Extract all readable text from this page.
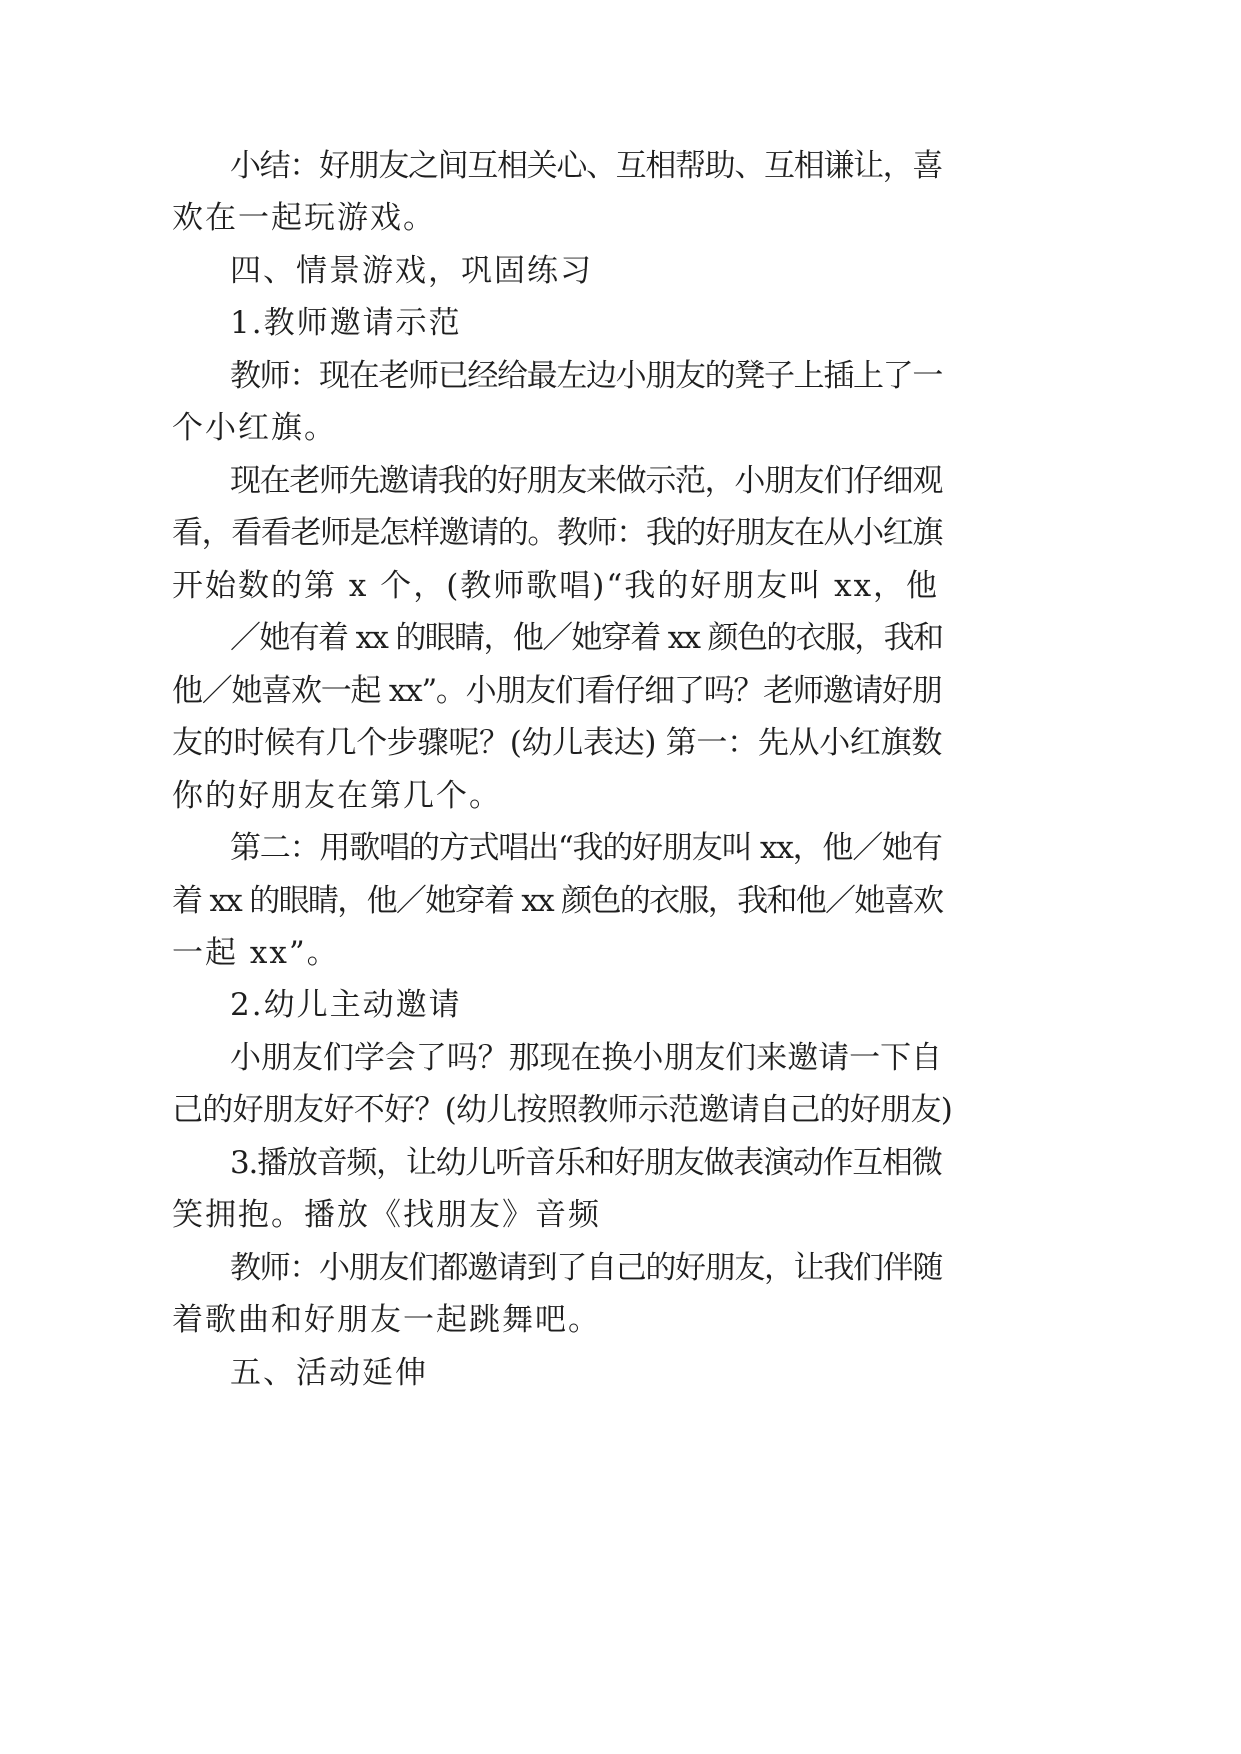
小结：好朋友之间互相关心、互相帮助、互相谦让，喜
欢在一起玩游戏。
四、情景游戏，巩固练习
1.教师邀请示范
教师：现在老师已经给最左边小朋友的凳子上插上了一
个小红旗。
现在老师先邀请我的好朋友来做示范，小朋友们仔细观
看，看看老师是怎样邀请的。教师：我的好朋友在从小红旗
开始数的第 x 个，(教师歌唱)“我的好朋友叫 xx，他
／她有着 xx 的眼睛，他／她穿着 xx 颜色的衣服，我和
他／她喜欢一起 xx”。小朋友们看仔细了吗？老师邀请好朋
友的时候有几个步骤呢？(幼儿表达) 第一：先从小红旗数
你的好朋友在第几个。
第二：用歌唱的方式唱出“我的好朋友叫 xx，他／她有
着 xx 的眼睛，他／她穿着 xx 颜色的衣服，我和他／她喜欢
一起 xx”。
2.幼儿主动邀请
小朋友们学会了吗？那现在换小朋友们来邀请一下自
己的好朋友好不好？(幼儿按照教师示范邀请自己的好朋友)
3.播放音频，让幼儿听音乐和好朋友做表演动作互相微
笑拥抱。播放《找朋友》音频
教师：小朋友们都邀请到了自己的好朋友，让我们伴随
着歌曲和好朋友一起跳舞吧。
五、活动延伸
